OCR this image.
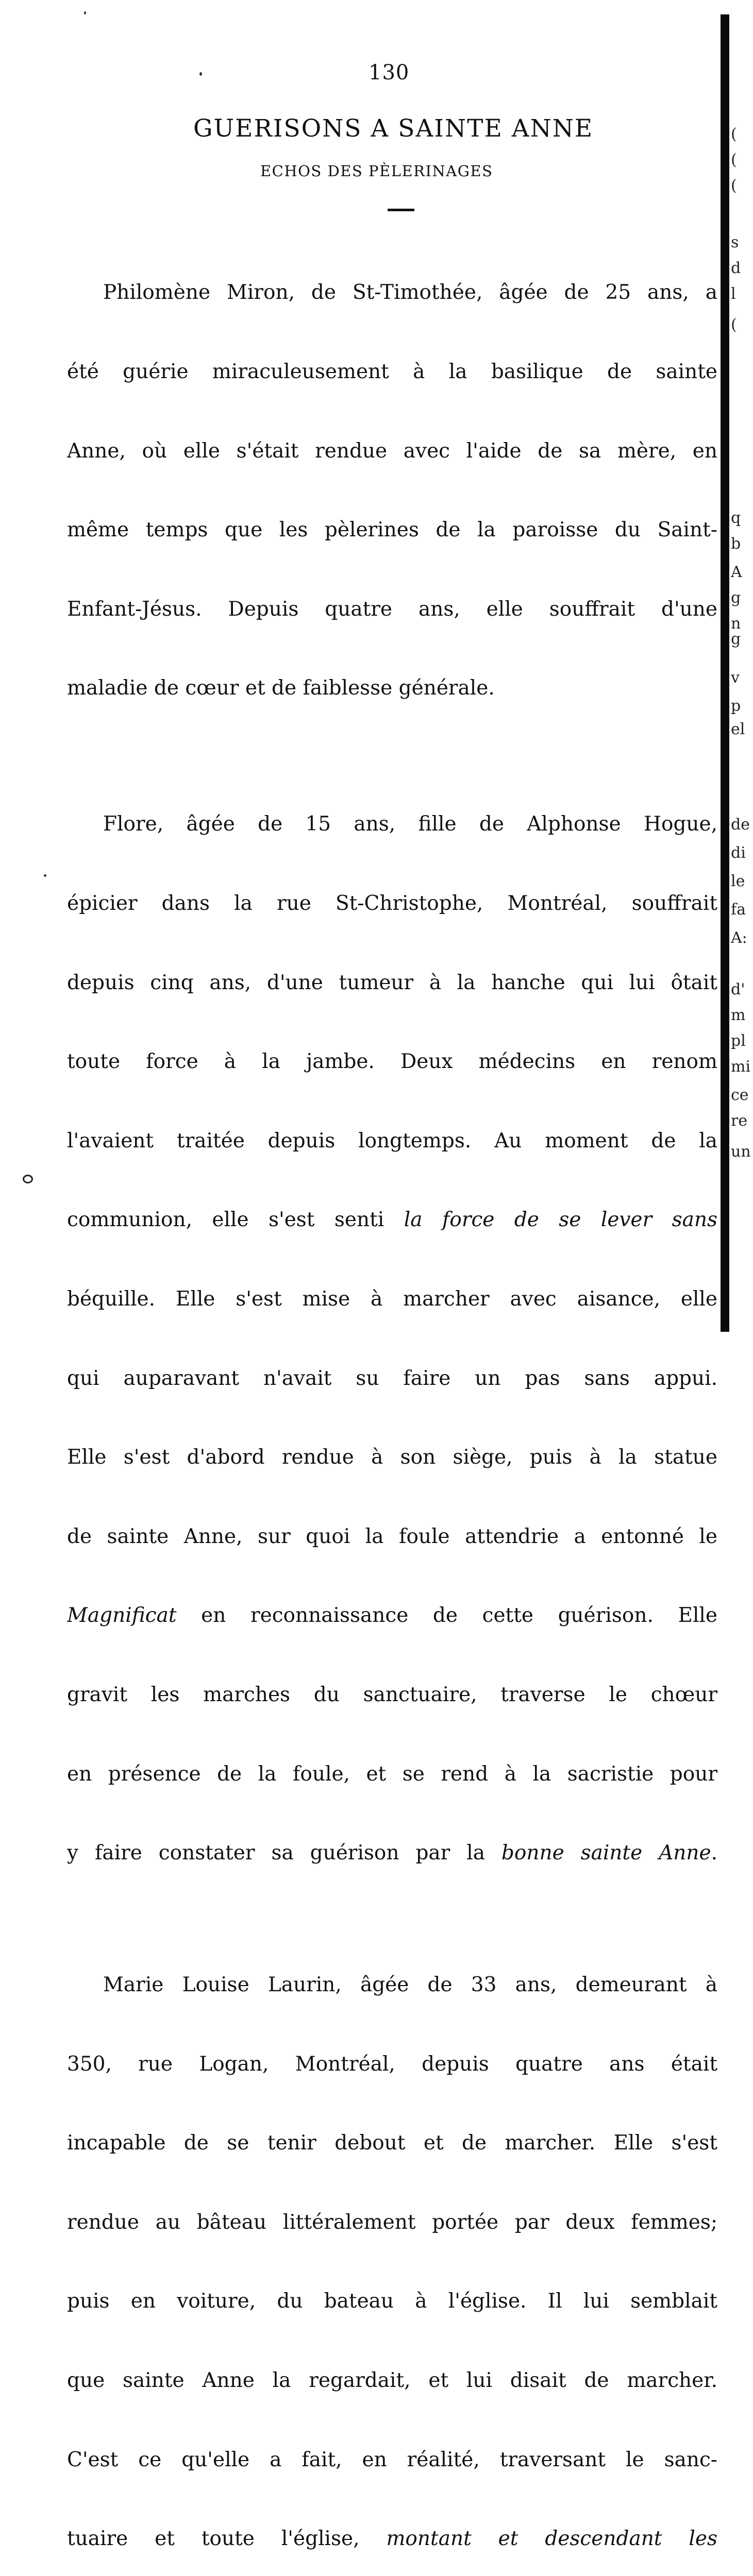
130
GUERISONS A SAINTE ANNE
ECHOS DES PÈLERINAGES

Philomène Miron, de St-Timothée, âgée de 25 ans, a

été guérie miraculeusement à la basilique de sainte

Anne, où elle s'était rendue avec l'aide de sa mère, en

même temps que les pèlerines de la paroisse du Saint-

Enfant-Jésus. Depuis quatre ans, elle souffrait d'une

maladie de cœur et de faiblesse générale.

Flore, âgée de 15 ans, fille de Alphonse Hogue,

épicier dans la rue St-Christophe, Montréal, souffrait

depuis cinq ans, d'une tumeur à la hanche qui lui ôtait

toute force à la jambe. Deux médecins en renom

l'avaient traitée depuis longtemps. Au moment de la

communion, elle s'est senti la force de se lever sans

béquille. Elle s'est mise à marcher avec aisance, elle

qui auparavant n'avait su faire un pas sans appui.

Elle s'est d'abord rendue à son siège, puis à la statue

de sainte Anne, sur quoi la foule attendrie a entonné le

Magnificat en reconnaissance de cette guérison. Elle

gravit les marches du sanctuaire, traverse le chœur

en présence de la foule, et se rend à la sacristie pour

y faire constater sa guérison par la bonne sainte Anne.

Marie Louise Laurin, âgée de 33 ans, demeurant à

350, rue Logan, Montréal, depuis quatre ans était

incapable de se tenir debout et de marcher. Elle s'est

rendue au bâteau littéralement portée par deux femmes;

puis en voiture, du bateau à l'église. Il lui semblait

que sainte Anne la regardait, et lui disait de marcher.

C'est ce qu'elle a fait, en réalité, traversant le sanc-

tuaire et toute l'église, montant et descendant les

(
(
(
s
d
l
(
q
b
A
g
n
g
v
p
el
de
di
le
fa
A:
d'
m
pl
mi
ce
re
un
